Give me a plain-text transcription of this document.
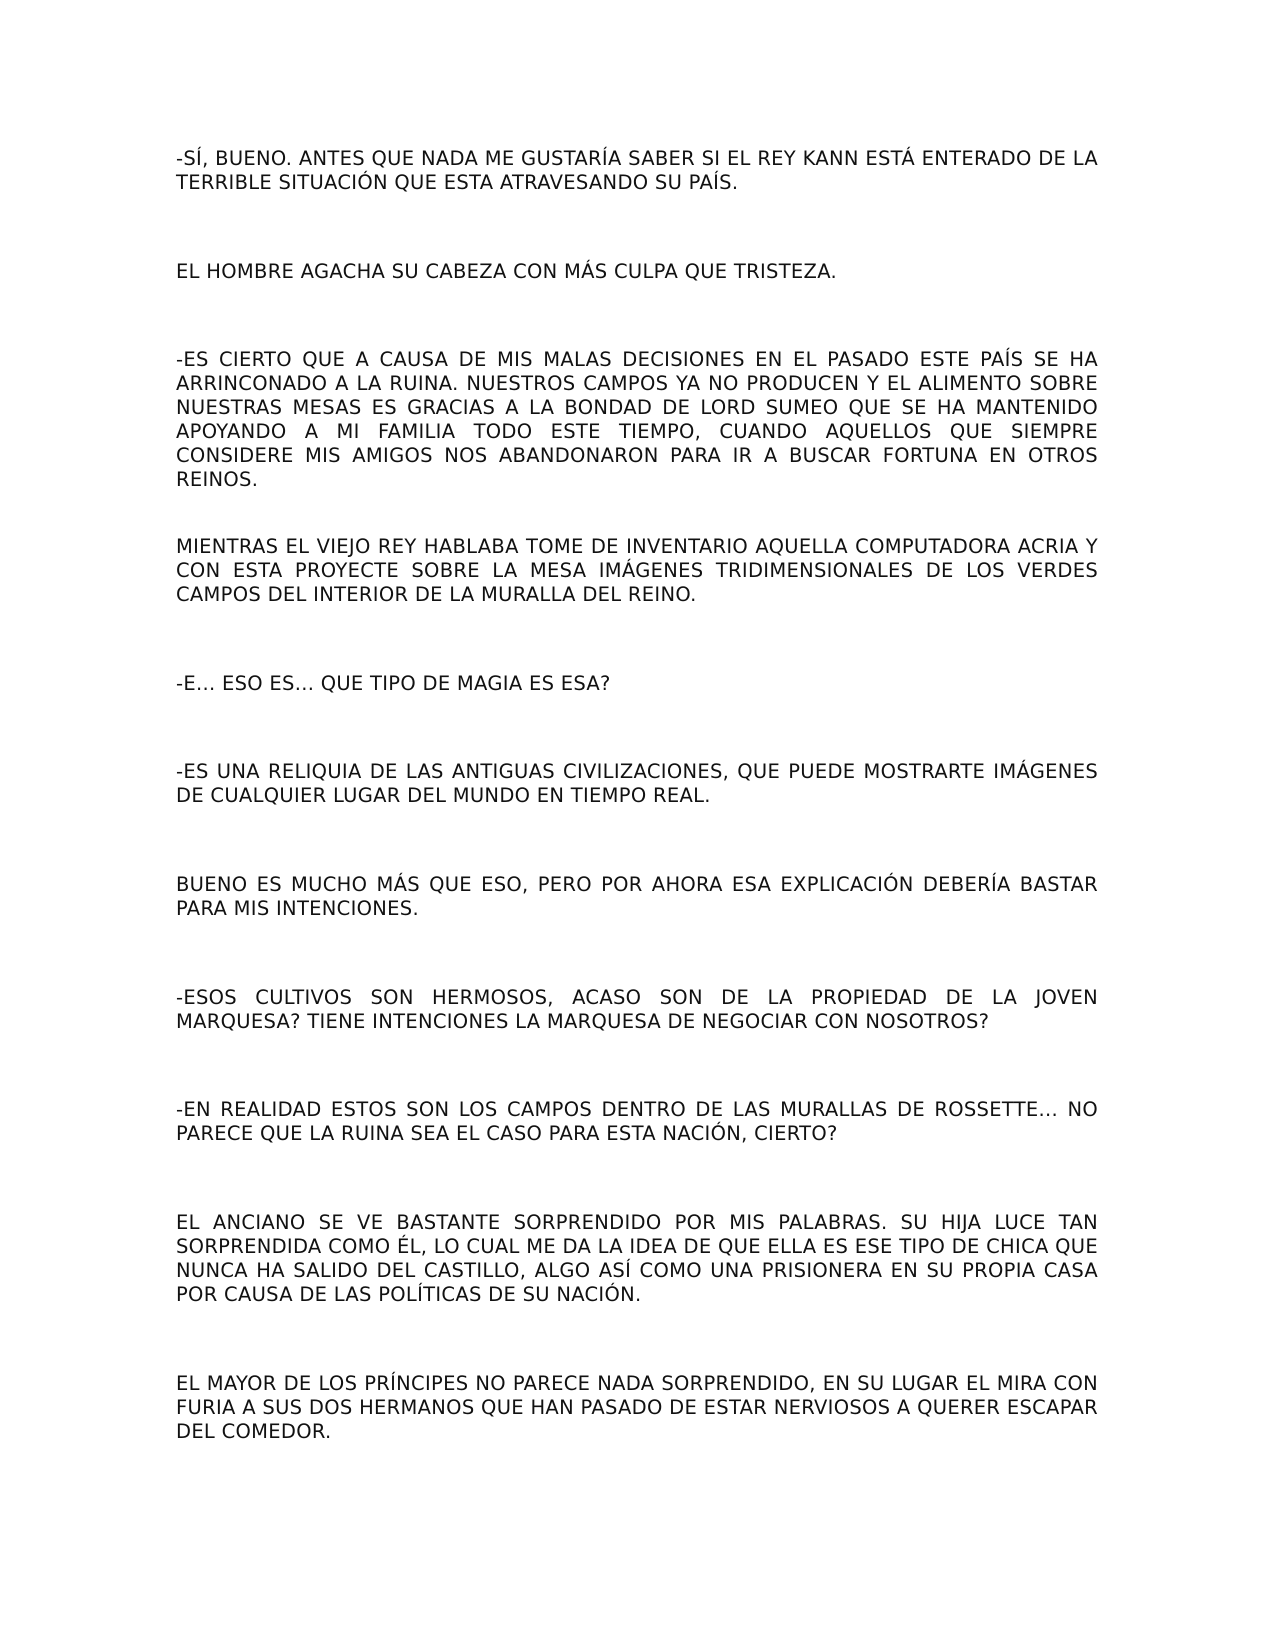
-SÍ, BUENO. ANTES QUE NADA ME GUSTARÍA SABER SI EL REY KANN ESTÁ ENTERADO DE LA TERRIBLE SITUACIÓN QUE ESTA ATRAVESANDO SU PAÍS.

EL HOMBRE AGACHA SU CABEZA CON MÁS CULPA QUE TRISTEZA.

-ES CIERTO QUE A CAUSA DE MIS MALAS DECISIONES EN EL PASADO ESTE PAÍS SE HA ARRINCONADO A LA RUINA. NUESTROS CAMPOS YA NO PRODUCEN Y EL ALIMENTO SOBRE NUESTRAS MESAS ES GRACIAS A LA BONDAD DE LORD SUMEO QUE SE HA MANTENIDO APOYANDO A MI FAMILIA TODO ESTE TIEMPO, CUANDO AQUELLOS QUE SIEMPRE CONSIDERE MIS AMIGOS NOS ABANDONARON PARA IR A BUSCAR FORTUNA EN OTROS REINOS.

MIENTRAS EL VIEJO REY HABLABA TOME DE INVENTARIO AQUELLA COMPUTADORA ACRIA Y CON ESTA PROYECTE SOBRE LA MESA IMÁGENES TRIDIMENSIONALES DE LOS VERDES CAMPOS DEL INTERIOR DE LA MURALLA DEL REINO.

-E... ESO ES... QUE TIPO DE MAGIA ES ESA?

-ES UNA RELIQUIA DE LAS ANTIGUAS CIVILIZACIONES, QUE PUEDE MOSTRARTE IMÁGENES DE CUALQUIER LUGAR DEL MUNDO EN TIEMPO REAL.

BUENO ES MUCHO MÁS QUE ESO, PERO POR AHORA ESA EXPLICACIÓN DEBERÍA BASTAR PARA MIS INTENCIONES.

-ESOS CULTIVOS SON HERMOSOS, ACASO SON DE LA PROPIEDAD DE LA JOVEN MARQUESA? TIENE INTENCIONES LA MARQUESA DE NEGOCIAR CON NOSOTROS?

-EN REALIDAD ESTOS SON LOS CAMPOS DENTRO DE LAS MURALLAS DE ROSSETTE... NO PARECE QUE LA RUINA SEA EL CASO PARA ESTA NACIÓN, CIERTO?

EL ANCIANO SE VE BASTANTE SORPRENDIDO POR MIS PALABRAS. SU HIJA LUCE TAN SORPRENDIDA COMO ÉL, LO CUAL ME DA LA IDEA DE QUE ELLA ES ESE TIPO DE CHICA QUE NUNCA HA SALIDO DEL CASTILLO, ALGO ASÍ COMO UNA PRISIONERA EN SU PROPIA CASA POR CAUSA DE LAS POLÍTICAS DE SU NACIÓN.

EL MAYOR DE LOS PRÍNCIPES NO PARECE NADA SORPRENDIDO, EN SU LUGAR EL MIRA CON FURIA A SUS DOS HERMANOS QUE HAN PASADO DE ESTAR NERVIOSOS A QUERER ESCAPAR DEL COMEDOR.
